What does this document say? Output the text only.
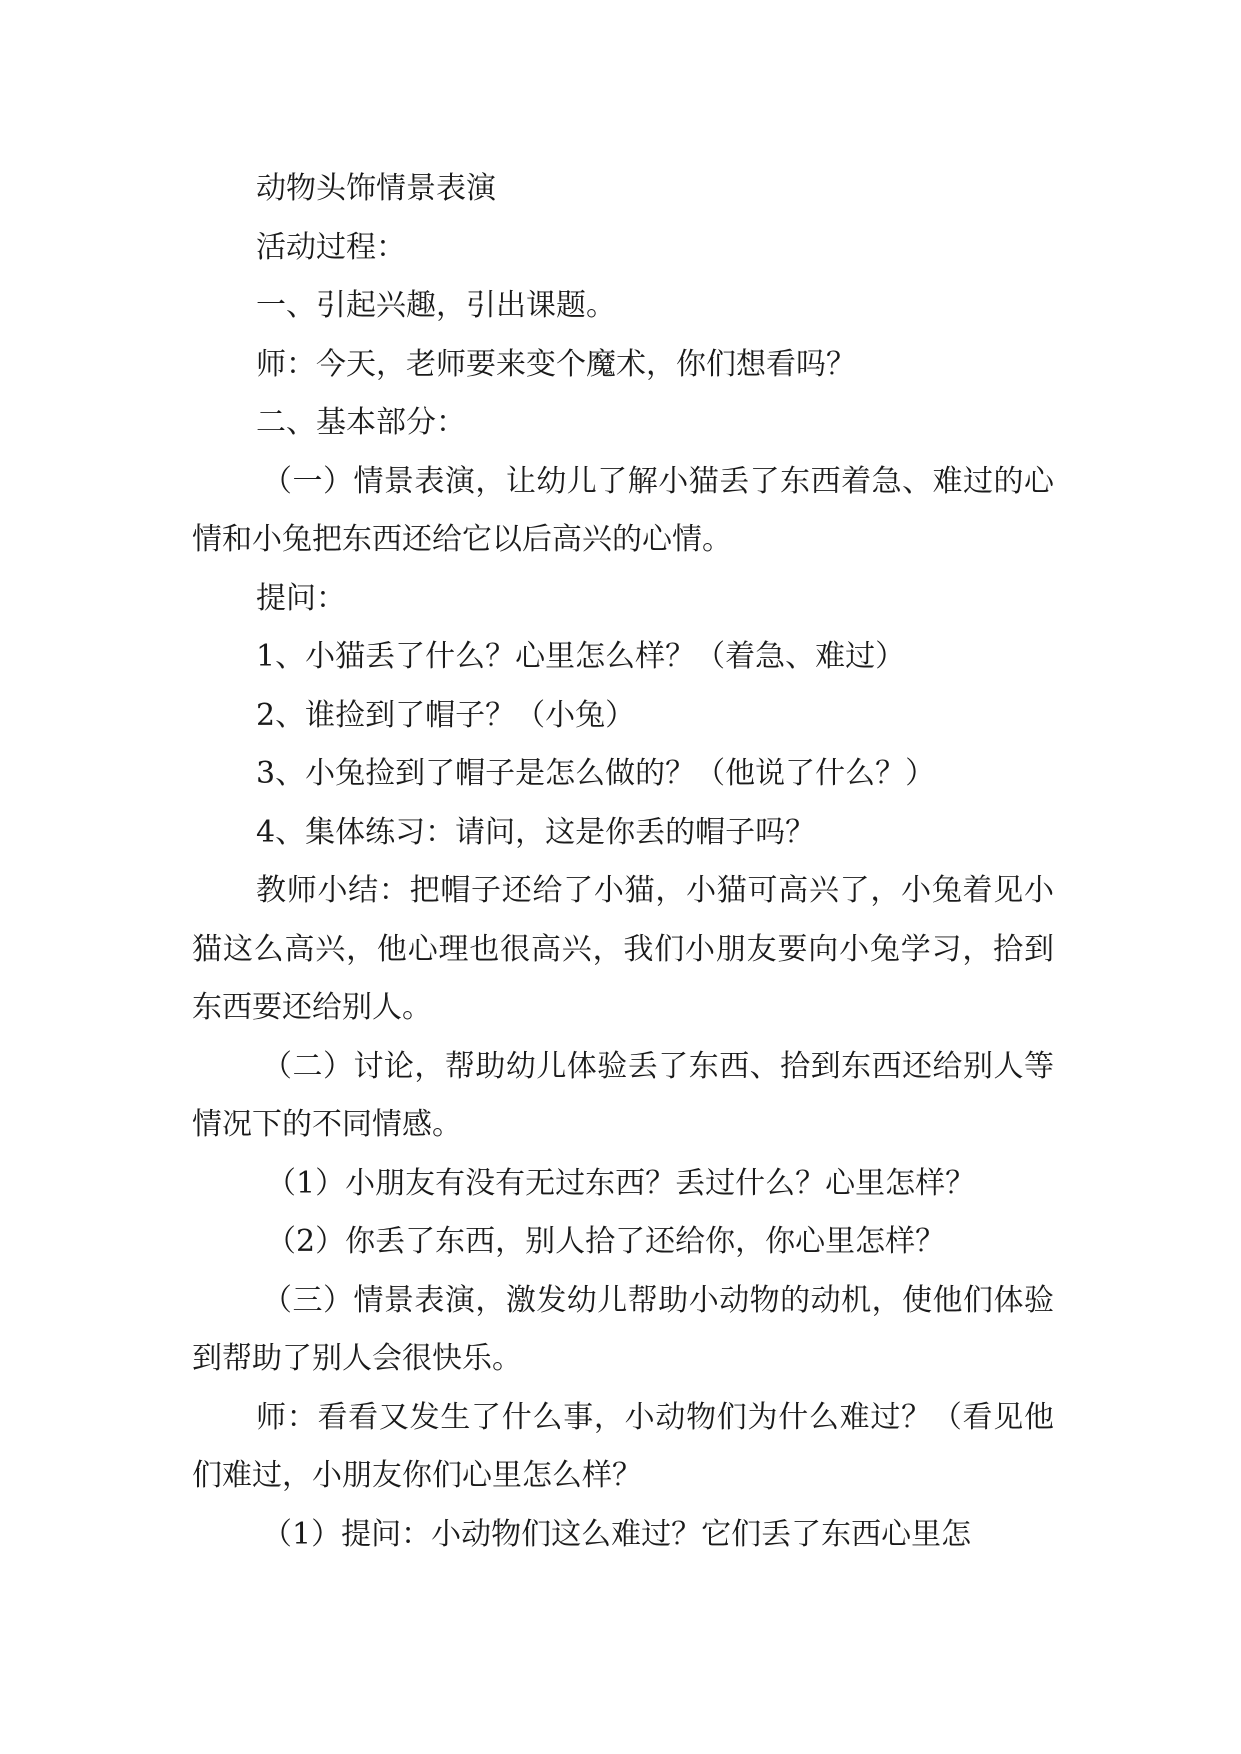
动物头饰情景表演

活动过程：

一、引起兴趣，引出课题。

师：今天，老师要来变个魔术，你们想看吗？

二、基本部分：

（一）情景表演，让幼儿了解小猫丢了东西着急、难过的心情和小兔把东西还给它以后高兴的心情。

提问：

1、小猫丢了什么？心里怎么样？（着急、难过）

2、谁捡到了帽子？（小兔）

3、小兔捡到了帽子是怎么做的？（他说了什么？）

4、集体练习：请问，这是你丢的帽子吗？

教师小结：把帽子还给了小猫，小猫可高兴了，小兔着见小猫这么高兴，他心理也很高兴，我们小朋友要向小兔学习，拾到东西要还给别人。

（二）讨论，帮助幼儿体验丢了东西、拾到东西还给别人等情况下的不同情感。

（1）小朋友有没有无过东西？丢过什么？心里怎样？

（2）你丢了东西，别人拾了还给你，你心里怎样？

（三）情景表演，激发幼儿帮助小动物的动机，使他们体验到帮助了别人会很快乐。

师：看看又发生了什么事，小动物们为什么难过？（看见他们难过，小朋友你们心里怎么样？

（1）提问：小动物们这么难过？它们丢了东西心里怎
